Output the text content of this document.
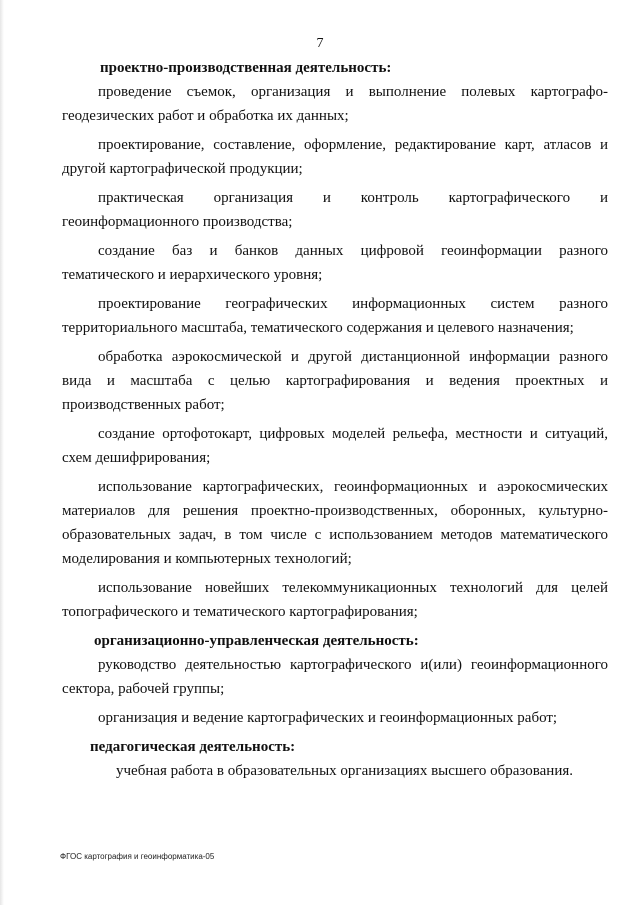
7

проектно-производственная деятельность:

проведение съемок, организация и выполнение полевых картографо-геодезических работ и обработка их данных;

проектирование, составление, оформление, редактирование карт, атласов и другой картографической продукции;

практическая организация и контроль картографического и геоинформационного производства;

создание баз и банков данных цифровой геоинформации разного тематического и иерархического уровня;

проектирование географических информационных систем разного территориального масштаба, тематического содержания и целевого назначения;

обработка аэрокосмической и другой дистанционной информации разного вида и масштаба с целью картографирования и ведения проектных и производственных работ;

создание ортофотокарт, цифровых моделей рельефа, местности и ситуаций, схем дешифрирования;

использование картографических, геоинформационных и аэрокосмических материалов для решения проектно-производственных, оборонных, культурно-образовательных задач, в том числе с использованием методов математического моделирования и компьютерных технологий;

использование новейших телекоммуникационных технологий для целей топографического и тематического картографирования;

организационно-управленческая деятельность:

руководство деятельностью картографического и(или) геоинформационного сектора, рабочей группы;

организация и ведение картографических и геоинформационных работ;

педагогическая деятельность:

учебная работа в образовательных организациях высшего образования.

ФГОС картография и геоинформатика-05
